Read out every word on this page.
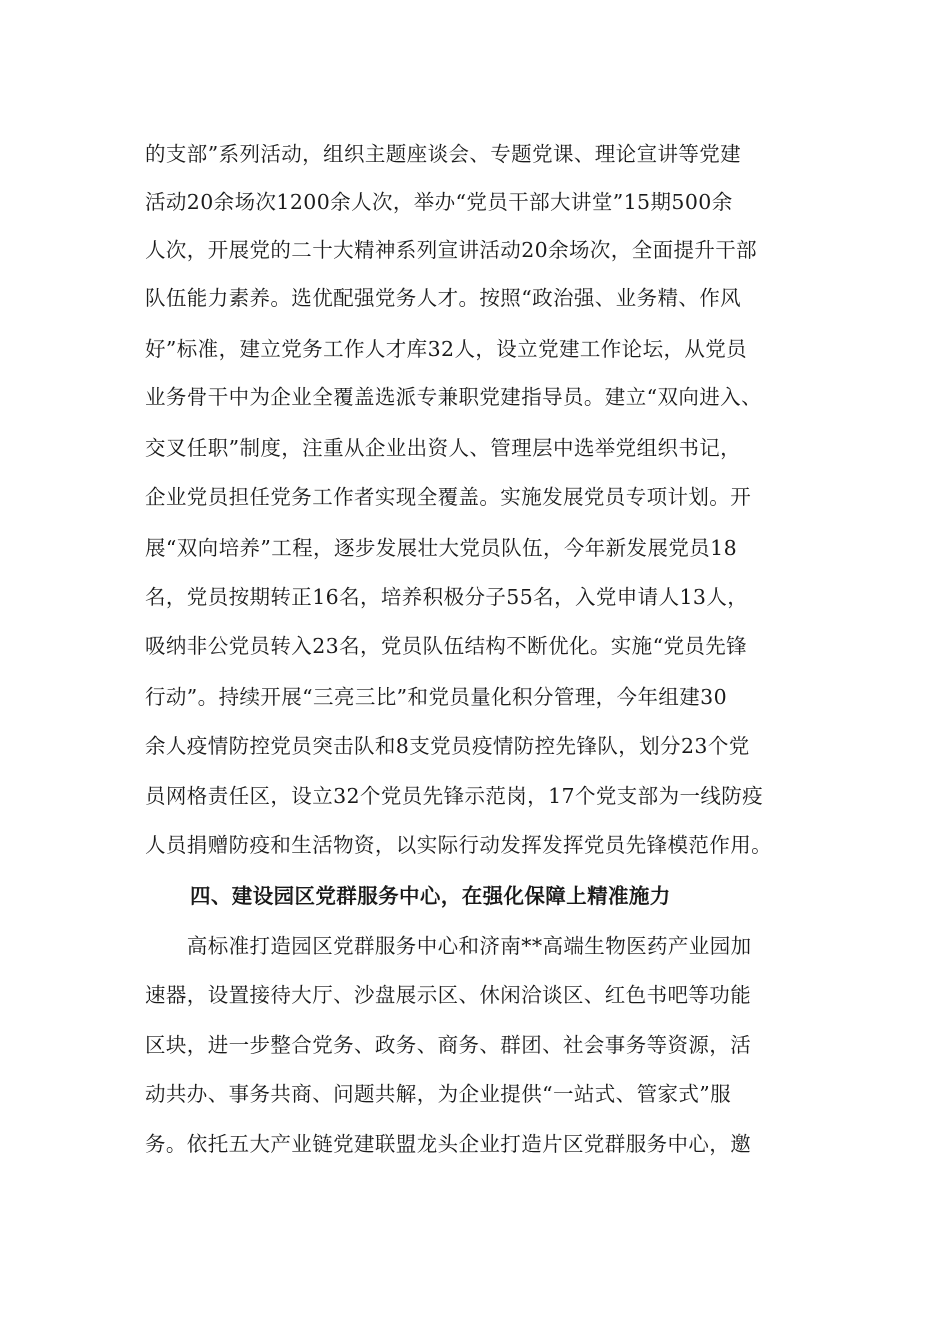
的支部”系列活动，组织主题座谈会、专题党课、理论宣讲等党建
活动20余场次1200余人次，举办“党员干部大讲堂”15期500余
人次，开展党的二十大精神系列宣讲活动20余场次，全面提升干部
队伍能力素养。选优配强党务人才。按照“政治强、业务精、作风
好”标准，建立党务工作人才库32人，设立党建工作论坛，从党员
业务骨干中为企业全覆盖选派专兼职党建指导员。建立“双向进入、
交叉任职”制度，注重从企业出资人、管理层中选举党组织书记，
企业党员担任党务工作者实现全覆盖。实施发展党员专项计划。开
展“双向培养”工程，逐步发展壮大党员队伍，今年新发展党员18
名，党员按期转正16名，培养积极分子55名，入党申请人13人，
吸纳非公党员转入23名，党员队伍结构不断优化。实施“党员先锋
行动”。持续开展“三亮三比”和党员量化积分管理，今年组建30
余人疫情防控党员突击队和8支党员疫情防控先锋队，划分23个党
员网格责任区，设立32个党员先锋示范岗，17个党支部为一线防疫
人员捐赠防疫和生活物资，以实际行动发挥发挥党员先锋模范作用。
四、建设园区党群服务中心，在强化保障上精准施力
　　高标准打造园区党群服务中心和济南**高端生物医药产业园加
速器，设置接待大厅、沙盘展示区、休闲洽谈区、红色书吧等功能
区块，进一步整合党务、政务、商务、群团、社会事务等资源，活
动共办、事务共商、问题共解，为企业提供“一站式、管家式”服
务。依托五大产业链党建联盟龙头企业打造片区党群服务中心，邀
